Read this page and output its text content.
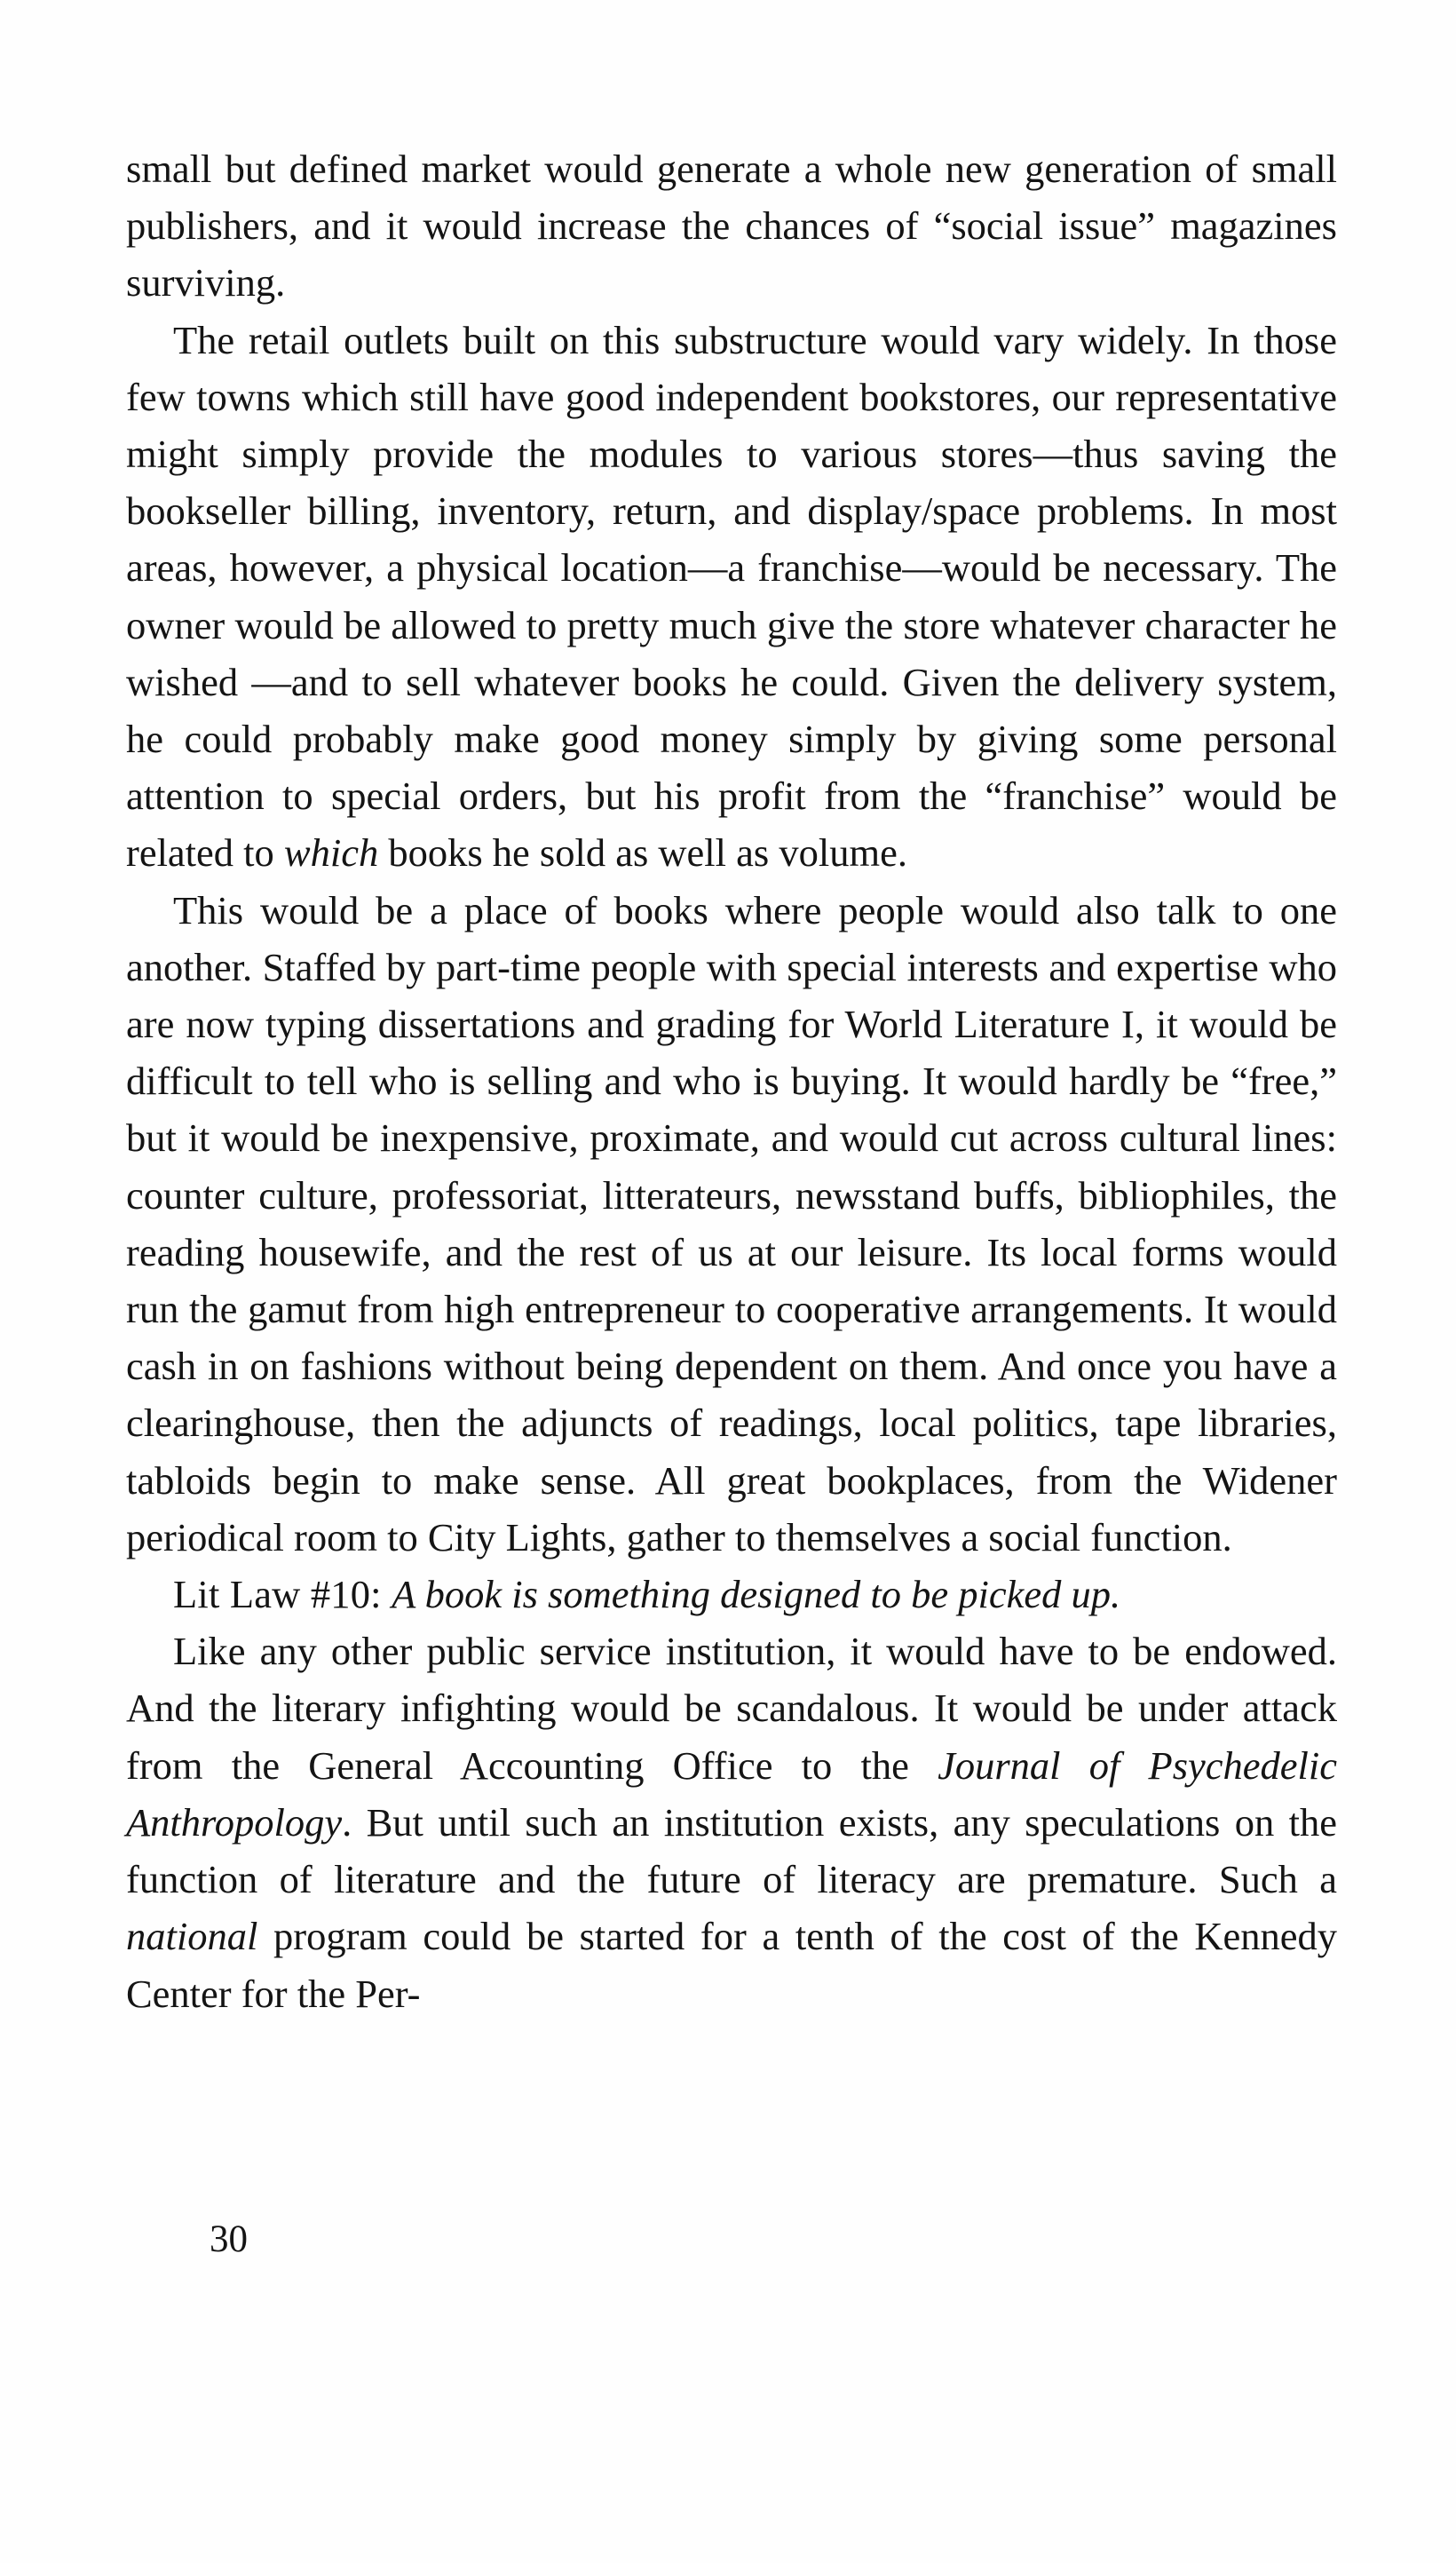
small but defined market would generate a whole new generation of small publishers, and it would increase the chances of “social issue” magazines surviving.

The retail outlets built on this substructure would vary widely. In those few towns which still have good independent bookstores, our representative might simply provide the modules to various stores—thus saving the bookseller billing, inventory, return, and display/space problems. In most areas, however, a physical location—a franchise—would be necessary. The owner would be allowed to pretty much give the store whatever character he wished —and to sell whatever books he could. Given the delivery system, he could probably make good money simply by giving some personal attention to special orders, but his profit from the “franchise” would be related to which books he sold as well as volume.

This would be a place of books where people would also talk to one another. Staffed by part-time people with special interests and expertise who are now typing dissertations and grading for World Literature I, it would be difficult to tell who is selling and who is buying. It would hardly be “free,” but it would be inexpensive, proximate, and would cut across cultural lines: counter culture, professoriat, litterateurs, newsstand buffs, bibliophiles, the reading housewife, and the rest of us at our leisure. Its local forms would run the gamut from high entrepreneur to cooperative arrangements. It would cash in on fashions without being dependent on them. And once you have a clearinghouse, then the adjuncts of readings, local politics, tape libraries, tabloids begin to make sense. All great bookplaces, from the Widener periodical room to City Lights, gather to themselves a social function.

Lit Law #10: A book is something designed to be picked up.

Like any other public service institution, it would have to be endowed. And the literary infighting would be scandalous. It would be under attack from the General Accounting Office to the Journal of Psychedelic Anthropology. But until such an institution exists, any speculations on the function of literature and the future of literacy are premature. Such a national program could be started for a tenth of the cost of the Kennedy Center for the Per-

30
